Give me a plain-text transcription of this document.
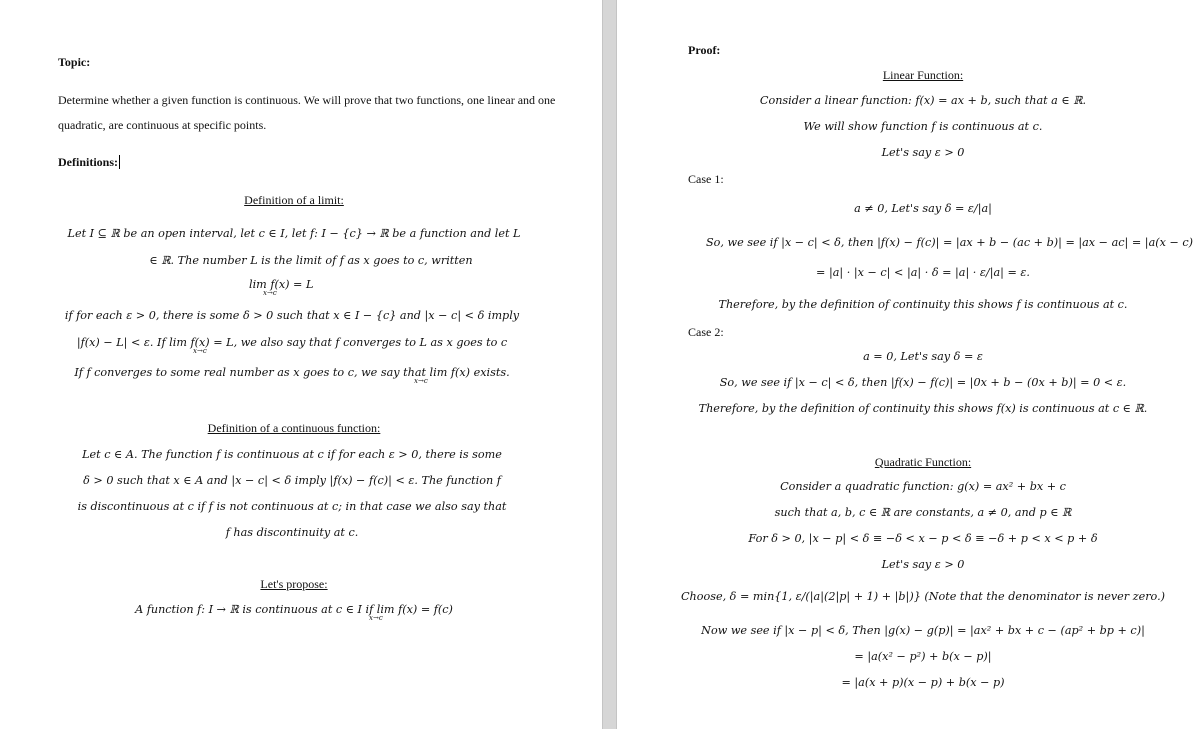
Topic:
Determine whether a given function is continuous. We will prove that two functions, one linear and one
quadratic, are continuous at specific points.
Definitions:
Definition of a limit:
Let I ⊆ ℝ be an open interval, let c ∈ I, let f: I − {c} → ℝ be a function and let L
∈ ℝ. The number L is the limit of f as x goes to c, written
lim f(x) = L
x→c
if for each ε > 0, there is some δ > 0 such that x ∈ I − {c} and |x − c| < δ imply
|f(x) − L| < ε. If lim f(x) = L, we also say that f converges to L as x goes to c
x→c
If f converges to some real number as x goes to c, we say that lim f(x) exists.
x→c
Definition of a continuous function:
Let c ∈ A. The function f is continuous at c if for each ε > 0, there is some
δ > 0 such that x ∈ A and |x − c| < δ imply |f(x) − f(c)| < ε. The function f
is discontinuous at c if f is not continuous at c; in that case we also say that
f has discontinuity at c.
Let's propose:
A function f: I → ℝ is continuous at c ∈ I if lim f(x) = f(c)
x→c
Proof:
Linear Function:
Consider a linear function: f(x) = ax + b, such that a ∈ ℝ.
We will show function f is continuous at c.
Let's say ε > 0
Case 1:
a ≠ 0, Let's say δ = ε/|a|
So, we see if |x − c| < δ, then |f(x) − f(c)| = |ax + b − (ac + b)| = |ax − ac| = |a(x − c)
= |a| · |x − c| < |a| · δ = |a| · ε/|a| = ε.
Therefore, by the definition of continuity this shows f is continuous at c.
Case 2:
a = 0, Let's say δ = ε
So, we see if |x − c| < δ, then |f(x) − f(c)| = |0x + b − (0x + b)| = 0 < ε.
Therefore, by the definition of continuity this shows f(x) is continuous at c ∈ ℝ.
Quadratic Function:
Consider a quadratic function: g(x) = ax² + bx + c
such that a, b, c ∈ ℝ are constants, a ≠ 0, and p ∈ ℝ
For δ > 0, |x − p| < δ ≡ −δ < x − p < δ ≡ −δ + p < x < p + δ
Let's say ε > 0
Choose, δ = min{1, ε/(|a|(2|p| + 1) + |b|)} (Note that the denominator is never zero.)
Now we see if |x − p| < δ, Then |g(x) − g(p)| = |ax² + bx + c − (ap² + bp + c)|
= |a(x² − p²) + b(x − p)|
= |a(x + p)(x − p) + b(x − p)
